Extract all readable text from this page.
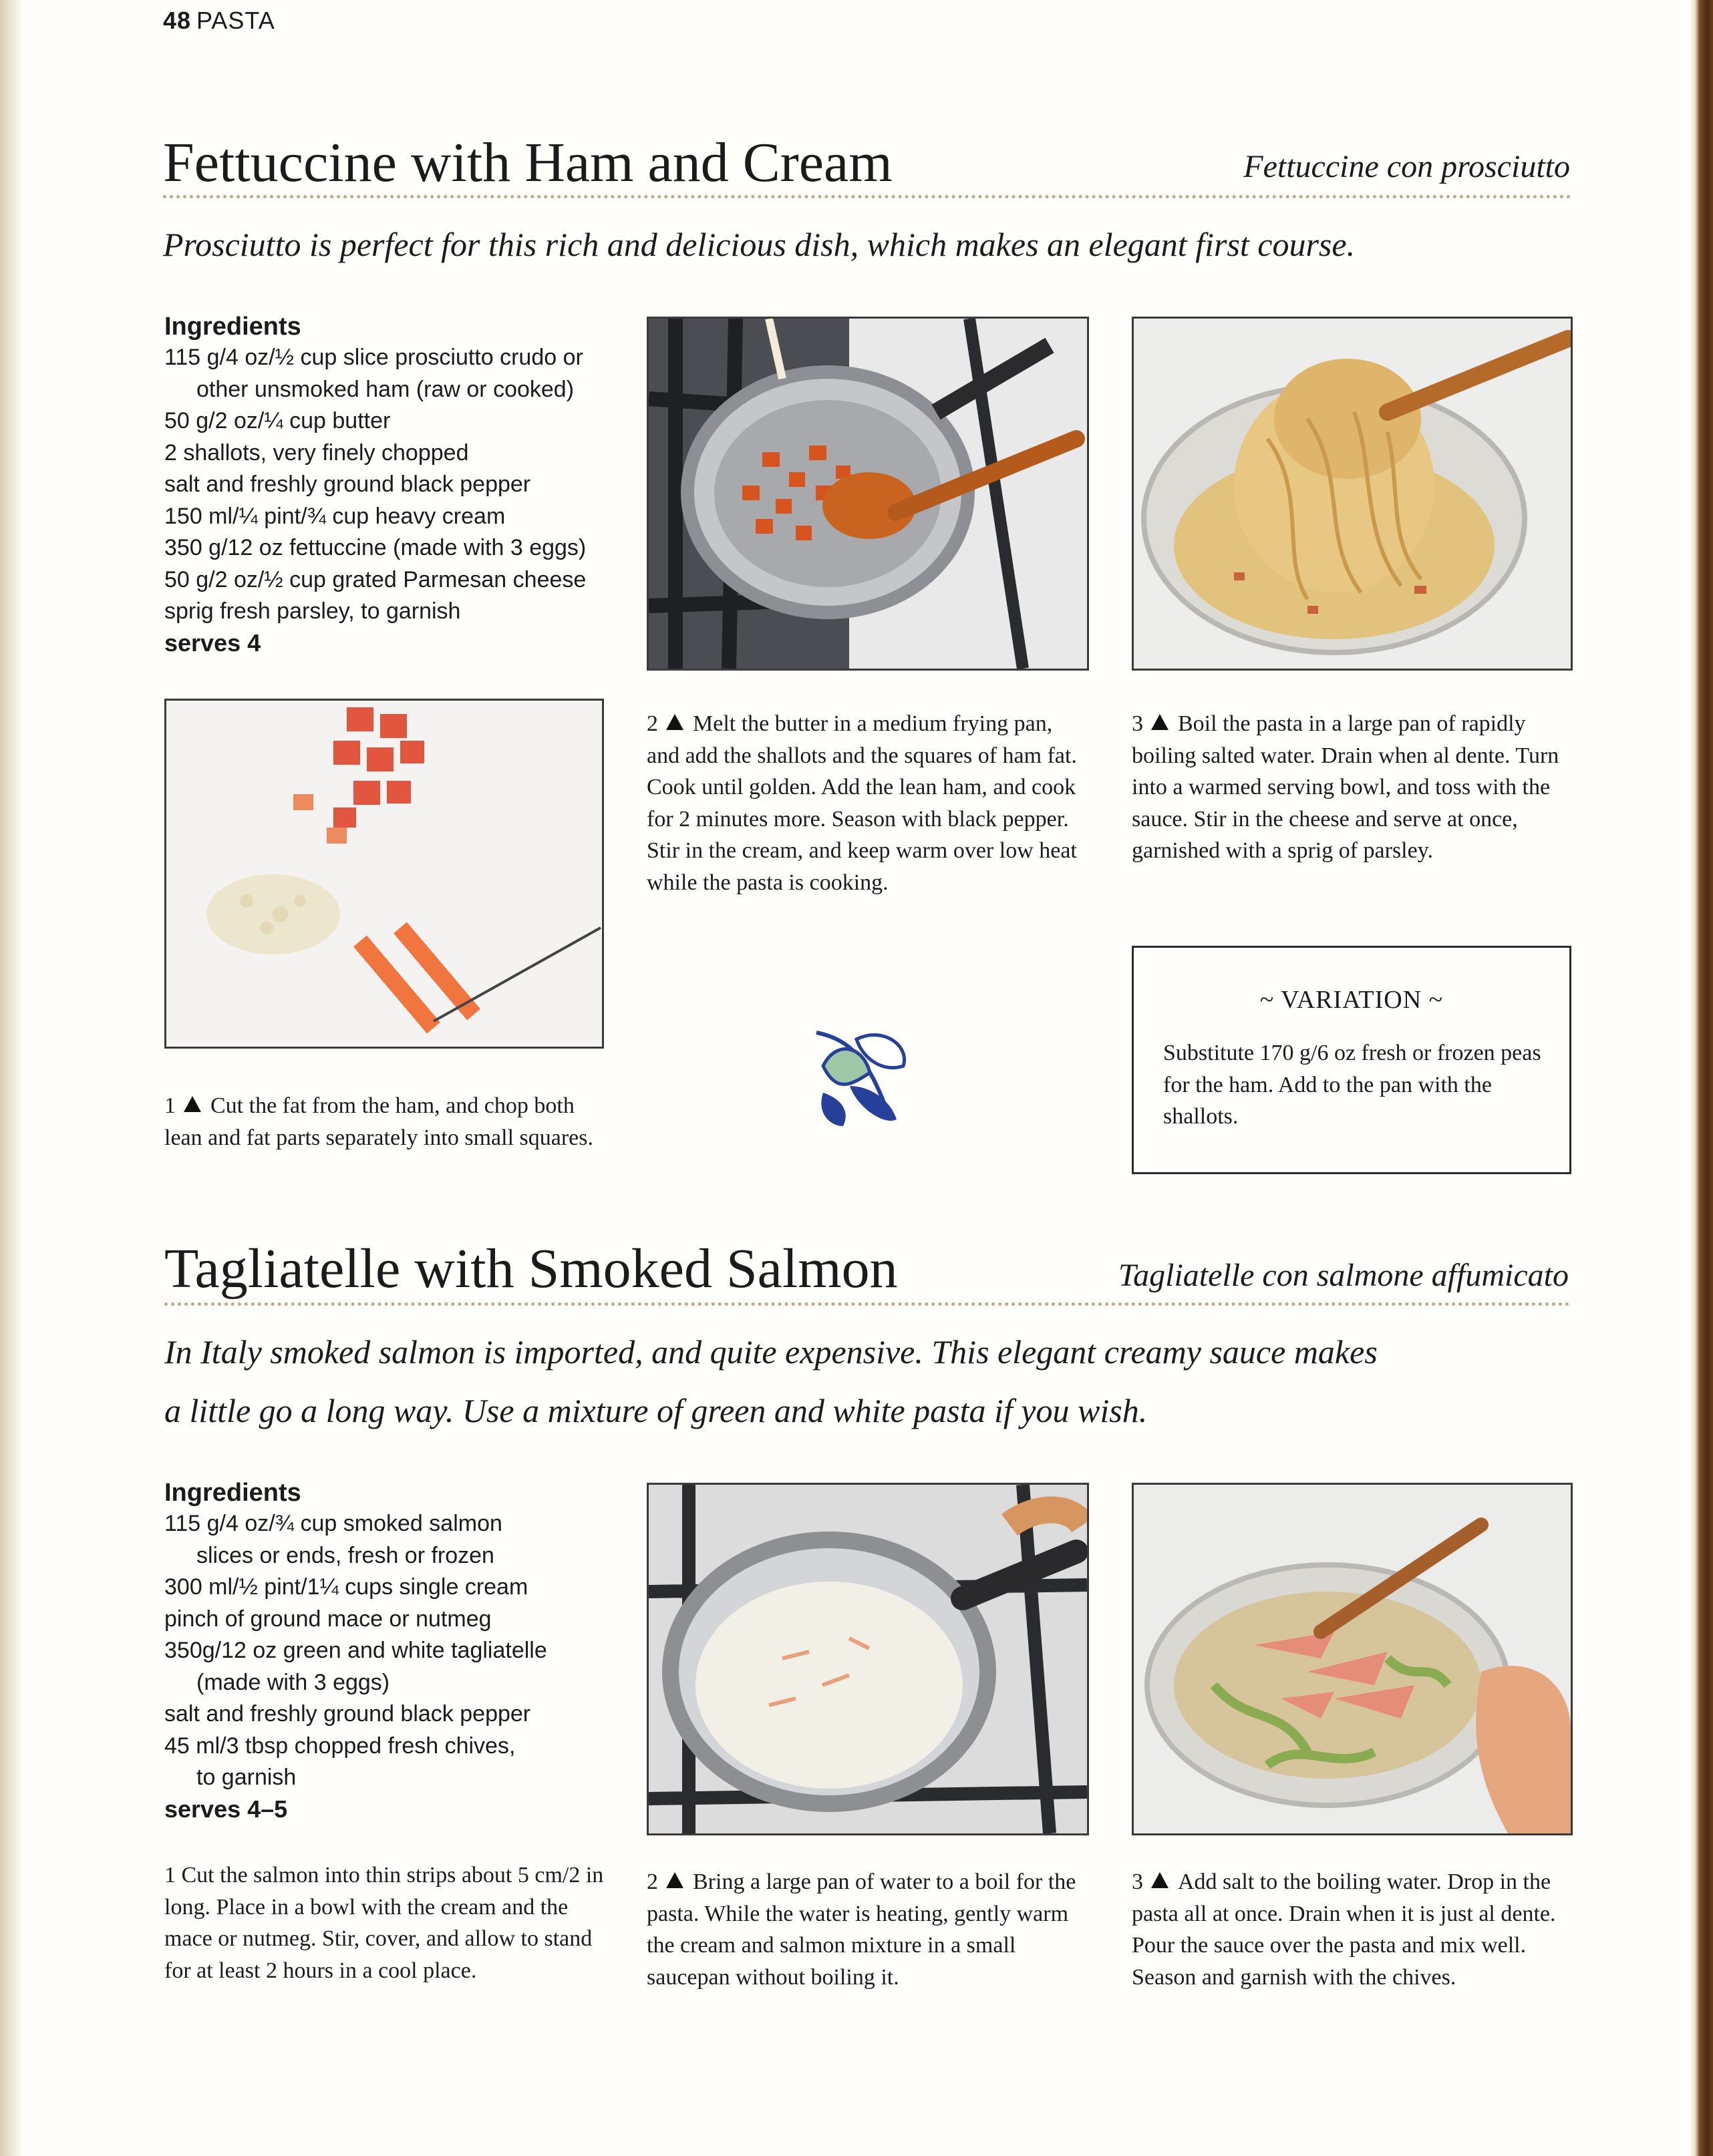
48 PASTA
Fettuccine with Ham and Cream	Fettuccine con prosciutto
Prosciutto is perfect for this rich and delicious dish, which makes an elegant first course.
Ingredients
115 g/4 oz/½ cup slice prosciutto crudo or
other unsmoked ham (raw or cooked)
50 g/2 oz/¼ cup butter
2 shallots, very finely chopped
salt and freshly ground black pepper
150 ml/¼ pint/¾ cup heavy cream
350 g/12 oz fettuccine (made with 3 eggs)
50 g/2 oz/½ cup grated Parmesan cheese
sprig fresh parsley, to garnish
serves 4
1 Cut the fat from the ham, and chop both lean and fat parts separately into small squares.
2 Melt the butter in a medium frying pan, and add the shallots and the squares of ham fat. Cook until golden. Add the lean ham, and cook for 2 minutes more. Season with black pepper. Stir in the cream, and keep warm over low heat while the pasta is cooking.
3 Boil the pasta in a large pan of rapidly boiling salted water. Drain when al dente. Turn into a warmed serving bowl, and toss with the sauce. Stir in the cheese and serve at once, garnished with a sprig of parsley.
~ VARIATION ~
Substitute 170 g/6 oz fresh or frozen peas for the ham. Add to the pan with the shallots.
Tagliatelle with Smoked Salmon	Tagliatelle con salmone affumicato
In Italy smoked salmon is imported, and quite expensive. This elegant creamy sauce makes
a little go a long way. Use a mixture of green and white pasta if you wish.
Ingredients
115 g/4 oz/¾ cup smoked salmon
slices or ends, fresh or frozen
300 ml/½ pint/1¼ cups single cream
pinch of ground mace or nutmeg
350g/12 oz green and white tagliatelle
(made with 3 eggs)
salt and freshly ground black pepper
45 ml/3 tbsp chopped fresh chives,
to garnish
serves 4–5
1 Cut the salmon into thin strips about 5 cm/2 in long. Place in a bowl with the cream and the mace or nutmeg. Stir, cover, and allow to stand for at least 2 hours in a cool place.
2 Bring a large pan of water to a boil for the pasta. While the water is heating, gently warm the cream and salmon mixture in a small saucepan without boiling it.
3 Add salt to the boiling water. Drop in the pasta all at once. Drain when it is just al dente. Pour the sauce over the pasta and mix well. Season and garnish with the chives.
